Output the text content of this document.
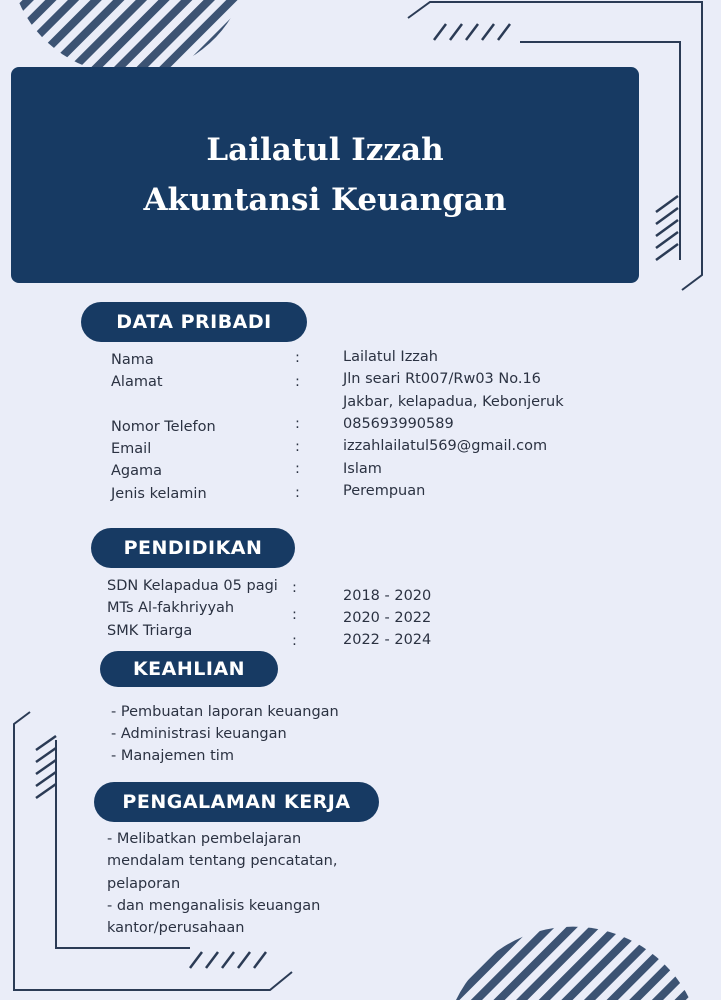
Lailatul Izzah
Akuntansi Keuangan
DATA PRIBADI
Nama
Alamat
Nomor Telefon
Email
Agama
Jenis kelamin
:
:
:
:
:
:
Lailatul Izzah
Jln seari Rt007/Rw03 No.16
Jakbar, kelapadua, Kebonjeruk
085693990589
izzahlailatul569@gmail.com
Islam
Perempuan
PENDIDIKAN
SDN Kelapadua 05 pagi
MTs Al-fakhriyyah
SMK Triarga
:
:
:
2018 - 2020
2020 - 2022
2022 - 2024
KEAHLIAN
- Pembuatan laporan keuangan
- Administrasi keuangan
- Manajemen tim
PENGALAMAN KERJA
- Melibatkan pembelajaran
mendalam tentang pencatatan,
pelaporan
- dan menganalisis keuangan
kantor/perusahaan
